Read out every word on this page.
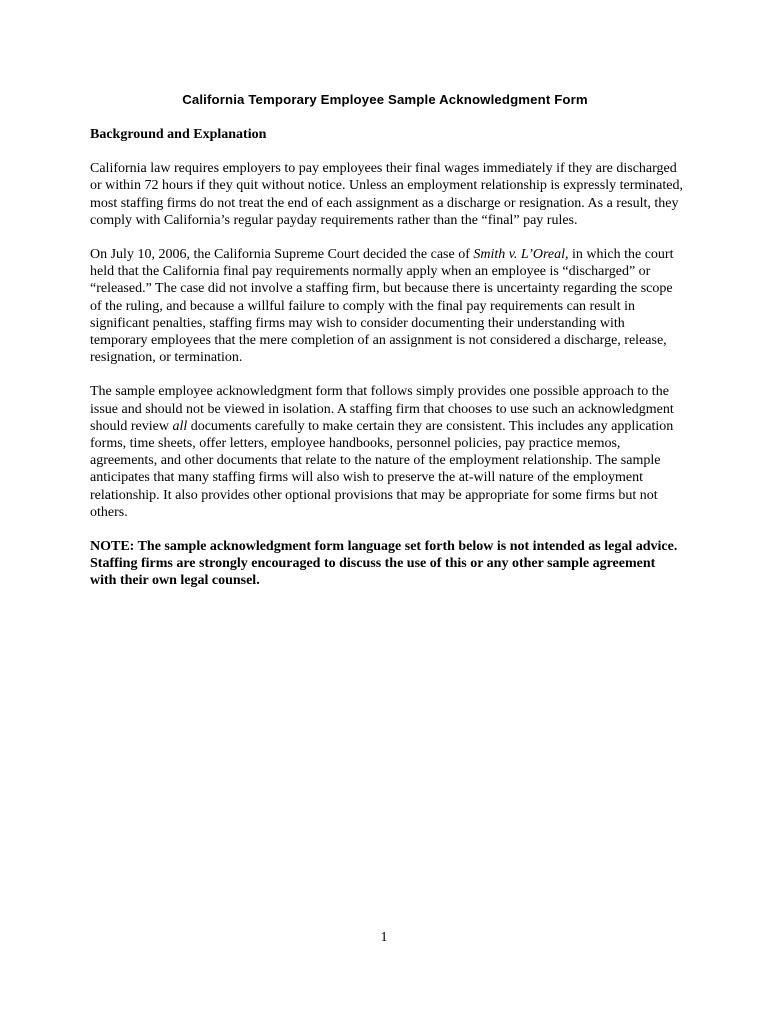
California Temporary Employee Sample Acknowledgment Form
Background and Explanation

California law requires employers to pay employees their final wages immediately if they are discharged or within 72 hours if they quit without notice. Unless an employment relationship is expressly terminated, most staffing firms do not treat the end of each assignment as a discharge or resignation. As a result, they comply with California’s regular payday requirements rather than the “final” pay rules.

On July 10, 2006, the California Supreme Court decided the case of Smith v. L’Oreal, in which the court held that the California final pay requirements normally apply when an employee is “discharged” or “released.” The case did not involve a staffing firm, but because there is uncertainty regarding the scope of the ruling, and because a willful failure to comply with the final pay requirements can result in significant penalties, staffing firms may wish to consider documenting their understanding with temporary employees that the mere completion of an assignment is not considered a discharge, release, resignation, or termination.

The sample employee acknowledgment form that follows simply provides one possible approach to the issue and should not be viewed in isolation. A staffing firm that chooses to use such an acknowledgment should review all documents carefully to make certain they are consistent. This includes any application forms, time sheets, offer letters, employee handbooks, personnel policies, pay practice memos, agreements, and other documents that relate to the nature of the employment relationship. The sample anticipates that many staffing firms will also wish to preserve the at-will nature of the employment relationship. It also provides other optional provisions that may be appropriate for some firms but not others.

NOTE: The sample acknowledgment form language set forth below is not intended as legal advice. Staffing firms are strongly encouraged to discuss the use of this or any other sample agreement with their own legal counsel.

1
